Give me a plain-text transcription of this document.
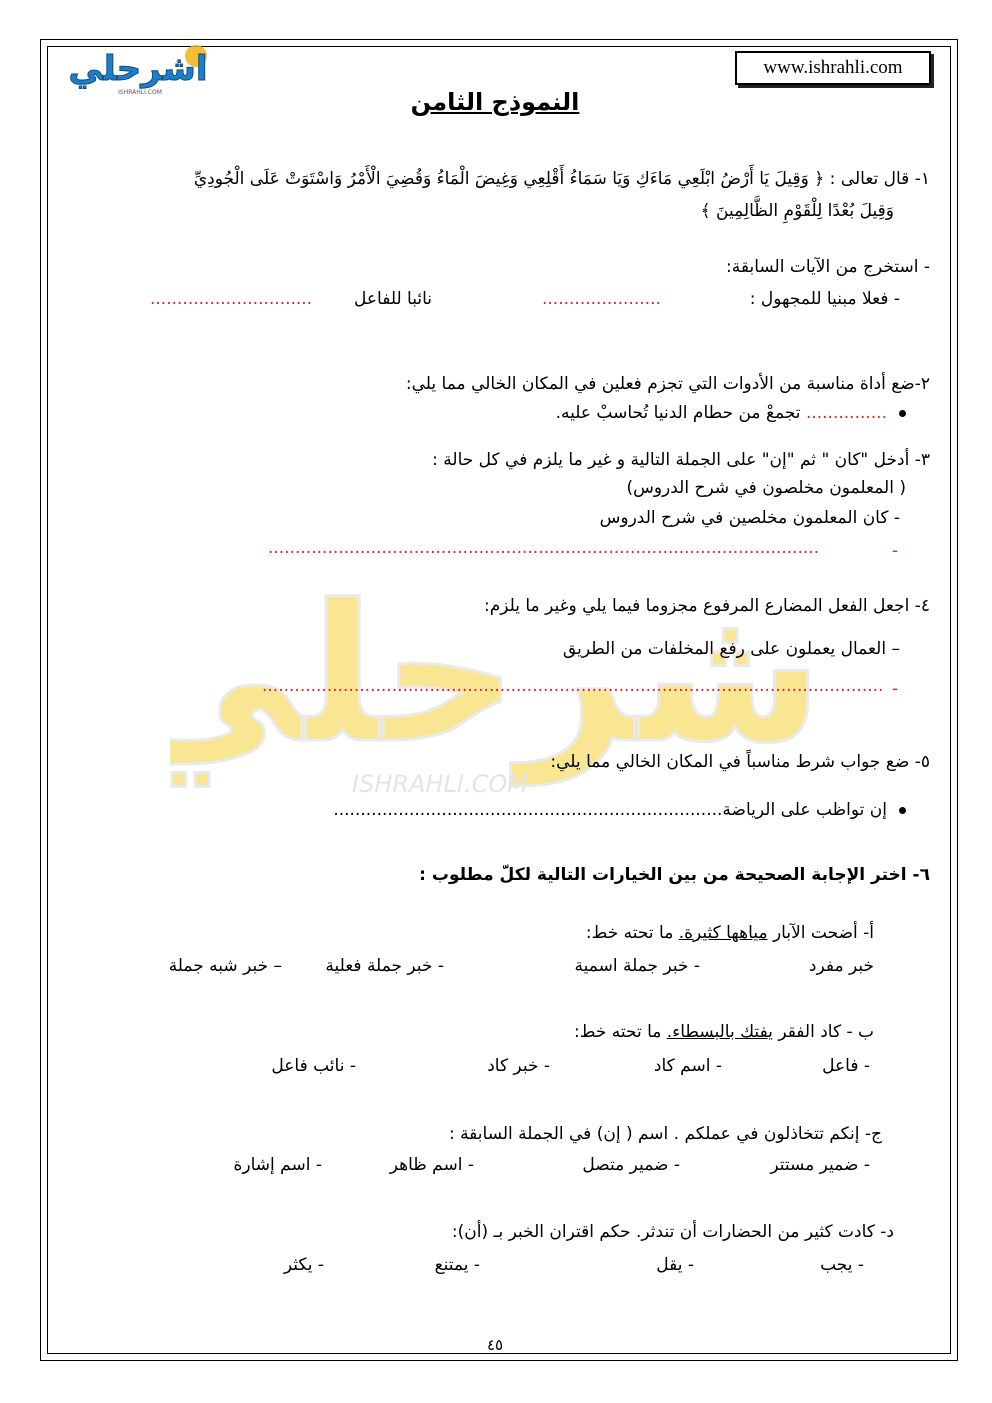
اشرحلي
ISHRAHLI.COM
www.ishrahli.com
النموذج الثامن
شرحلي	ISHRAHLI.COM
١- قال تعالى : ﴿ وَقِيلَ يَا أَرْضُ ابْلَعِي مَاءَكِ وَيَا سَمَاءُ أَقْلِعِي وَغِيضَ الْمَاءُ وَقُضِيَ الْأَمْرُ وَاسْتَوَتْ عَلَى الْجُودِيِّ
وَقِيلَ بُعْدًا لِلْقَوْمِ الظَّالِمِينَ ﴾
- استخرج من الآيات السابقة:
- فعلا مبنيا للمجهول :
......................
نائبا للفاعل
..............................
٢-ضع أداة مناسبة من الأدوات التي تجزم فعلين في المكان الخالي مما يلي:
............... تجمعْ من حطام الدنيا تُحاسبْ عليه.
٣- أدخل "كان " ثم "إن" على الجملة التالية و غير ما يلزم في كل حالة :
( المعلمون مخلصون في شرح الدروس)
- كان المعلمون مخلصين في شرح الدروس
......................................................................................................	-
٤- اجعل الفعل المضارع المرفوع مجزوما فيما يلي وغير ما يلزم:
– العمال يعملون على رفع المخلفات من الطريق
................................................................................................................... -
٥- ضع جواب شرط مناسباً في المكان الخالي مما يلي:
إن تواظب على الرياضة........................................................................
٦- اختر الإجابة الصحيحة من بين الخيارات التالية لكلّ مطلوب :
أ- أضحت الآبار مياهها كثيرة. ما تحته خط:
خبر مفرد
- خبر جملة اسمية
- خبر جملة فعلية
– خبر شبه جملة
ب - كاد الفقر يفتك بالبسطاء. ما تحته خط:
- فاعل
- اسم كاد
- خبر كاد
- نائب فاعل
ج- إنكم تتخاذلون في عملكم . اسم ( إن) في الجملة السابقة :
- ضمير مستتر
- ضمير متصل
- اسم ظاهر
- اسم إشارة
د- كادت كثير من الحضارات أن تندثر. حكم اقتران الخبر بـ (أن):
- يجب
- يقل
- يمتنع
- يكثر
٤٥
